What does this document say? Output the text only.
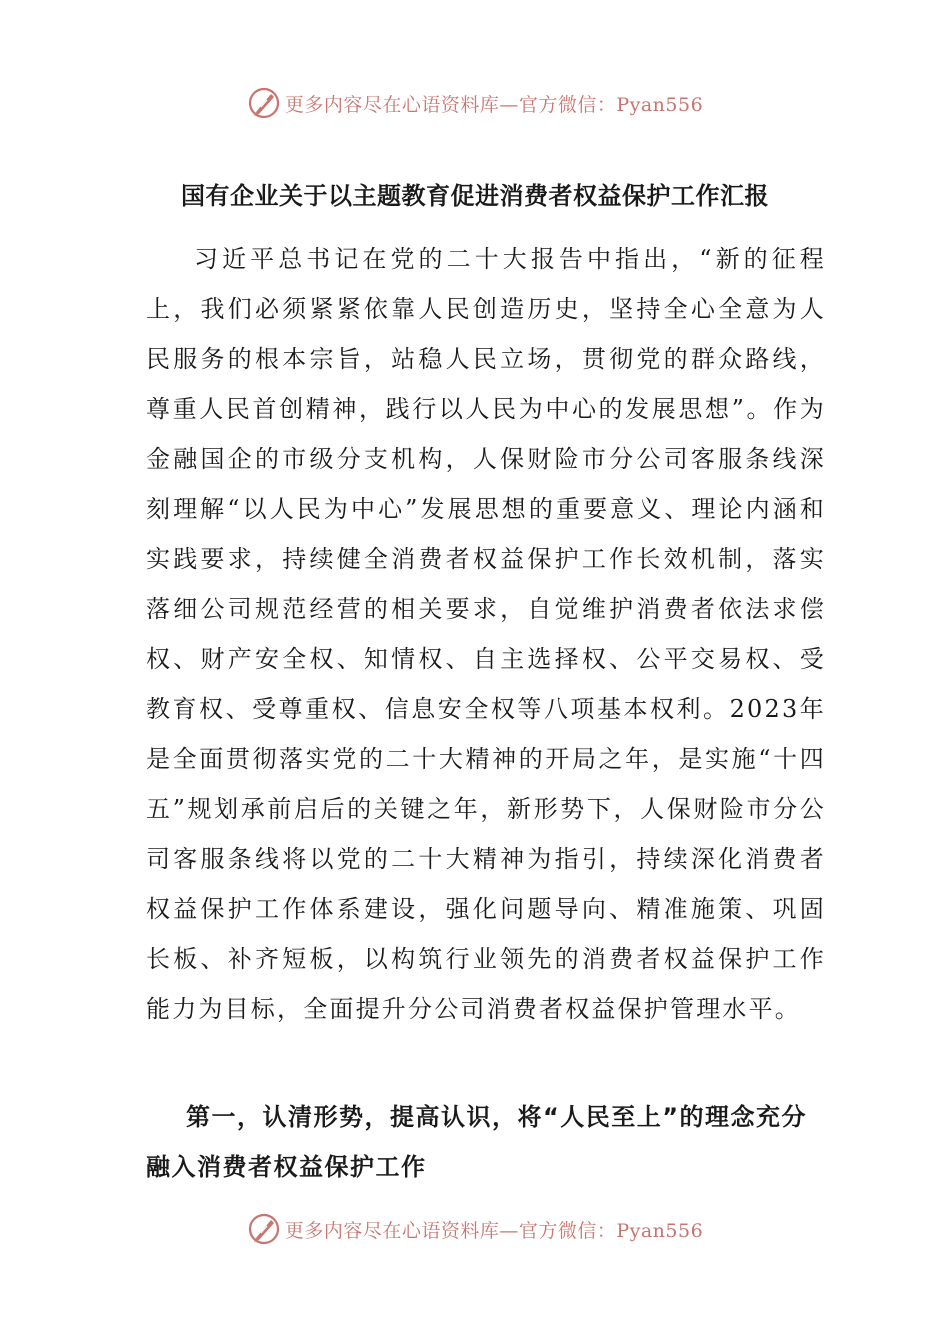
更多内容尽在心语资料库—官方微信：Pyan556
国有企业关于以主题教育促进消费者权益保护工作汇报

习近平总书记在党的二十大报告中指出，“新的征程上，我们必须紧紧依靠人民创造历史，坚持全心全意为人民服务的根本宗旨，站稳人民立场，贯彻党的群众路线，尊重人民首创精神，践行以人民为中心的发展思想”。作为金融国企的市级分支机构，人保财险市分公司客服条线深刻理解“以人民为中心”发展思想的重要意义、理论内涵和实践要求，持续健全消费者权益保护工作长效机制，落实落细公司规范经营的相关要求，自觉维护消费者依法求偿权、财产安全权、知情权、自主选择权、公平交易权、受教育权、受尊重权、信息安全权等八项基本权利。2023年是全面贯彻落实党的二十大精神的开局之年，是实施“十四五”规划承前启后的关键之年，新形势下，人保财险市分公司客服条线将以党的二十大精神为指引，持续深化消费者权益保护工作体系建设，强化问题导向、精准施策、巩固长板、补齐短板，以构筑行业领先的消费者权益保护工作能力为目标，全面提升分公司消费者权益保护管理水平。

第一，认清形势，提高认识，将“人民至上”的理念充分融入消费者权益保护工作
更多内容尽在心语资料库—官方微信：Pyan556
